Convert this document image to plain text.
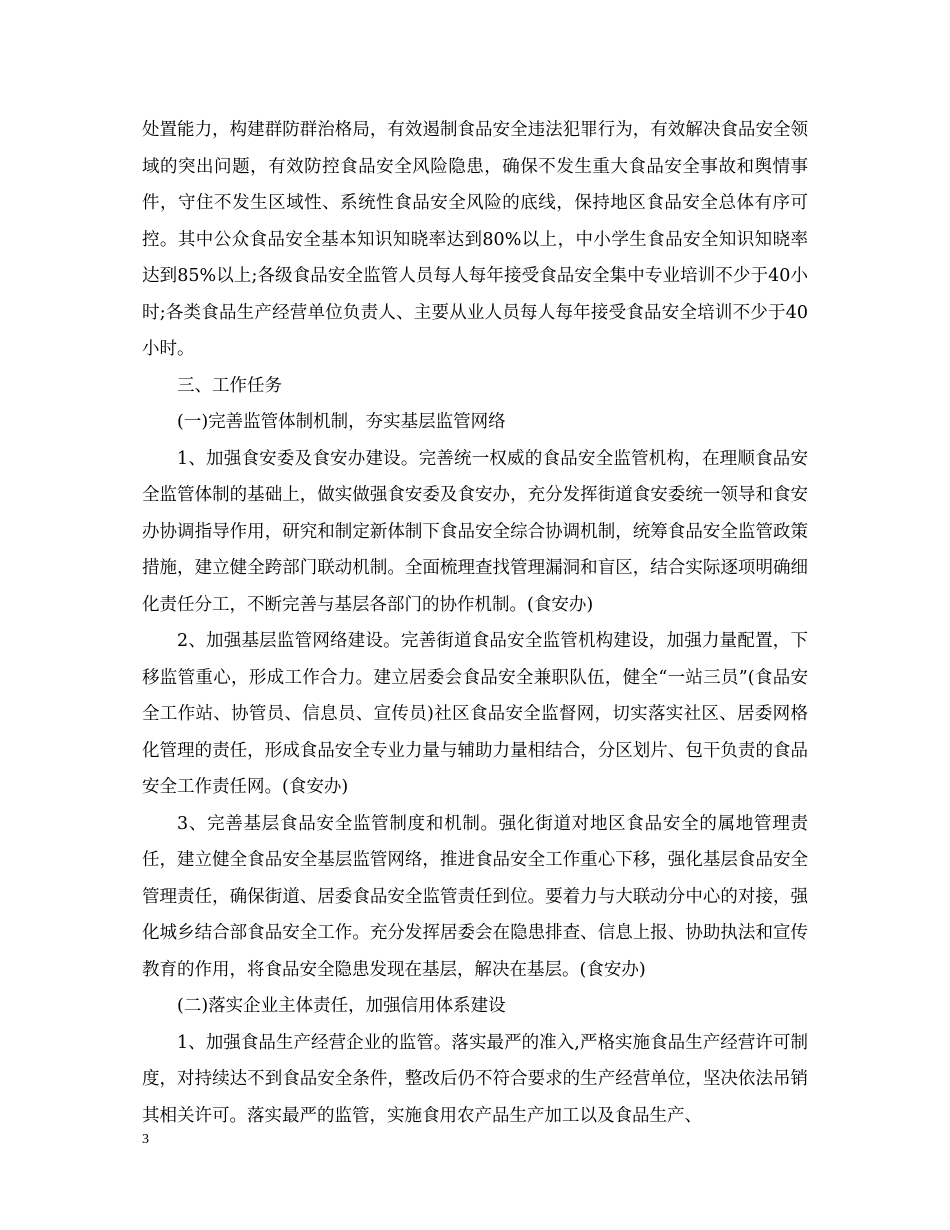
处置能力，构建群防群治格局，有效遏制食品安全违法犯罪行为，有效解决食品安全领域的突出问题，有效防控食品安全风险隐患，确保不发生重大食品安全事故和舆情事件，守住不发生区域性、系统性食品安全风险的底线，保持地区食品安全总体有序可控。其中公众食品安全基本知识知晓率达到80%以上，中小学生食品安全知识知晓率达到85%以上;各级食品安全监管人员每人每年接受食品安全集中专业培训不少于40小时;各类食品生产经营单位负责人、主要从业人员每人每年接受食品安全培训不少于40小时。

三、工作任务

(一)完善监管体制机制，夯实基层监管网络

1、加强食安委及食安办建设。完善统一权威的食品安全监管机构，在理顺食品安全监管体制的基础上，做实做强食安委及食安办，充分发挥街道食安委统一领导和食安办协调指导作用，研究和制定新体制下食品安全综合协调机制，统筹食品安全监管政策措施，建立健全跨部门联动机制。全面梳理查找管理漏洞和盲区，结合实际逐项明确细化责任分工，不断完善与基层各部门的协作机制。(食安办)

2、加强基层监管网络建设。完善街道食品安全监管机构建设，加强力量配置，下移监管重心，形成工作合力。建立居委会食品安全兼职队伍，健全“一站三员”(食品安全工作站、协管员、信息员、宣传员)社区食品安全监督网，切实落实社区、居委网格化管理的责任，形成食品安全专业力量与辅助力量相结合，分区划片、包干负责的食品安全工作责任网。(食安办)

3、完善基层食品安全监管制度和机制。强化街道对地区食品安全的属地管理责任，建立健全食品安全基层监管网络，推进食品安全工作重心下移，强化基层食品安全管理责任，确保街道、居委食品安全监管责任到位。要着力与大联动分中心的对接，强化城乡结合部食品安全工作。充分发挥居委会在隐患排查、信息上报、协助执法和宣传教育的作用，将食品安全隐患发现在基层，解决在基层。(食安办)

(二)落实企业主体责任，加强信用体系建设

1、加强食品生产经营企业的监管。落实最严的准入,严格实施食品生产经营许可制度，对持续达不到食品安全条件，整改后仍不符合要求的生产经营单位，坚决依法吊销其相关许可。落实最严的监管，实施食用农产品生产加工以及食品生产、

3
